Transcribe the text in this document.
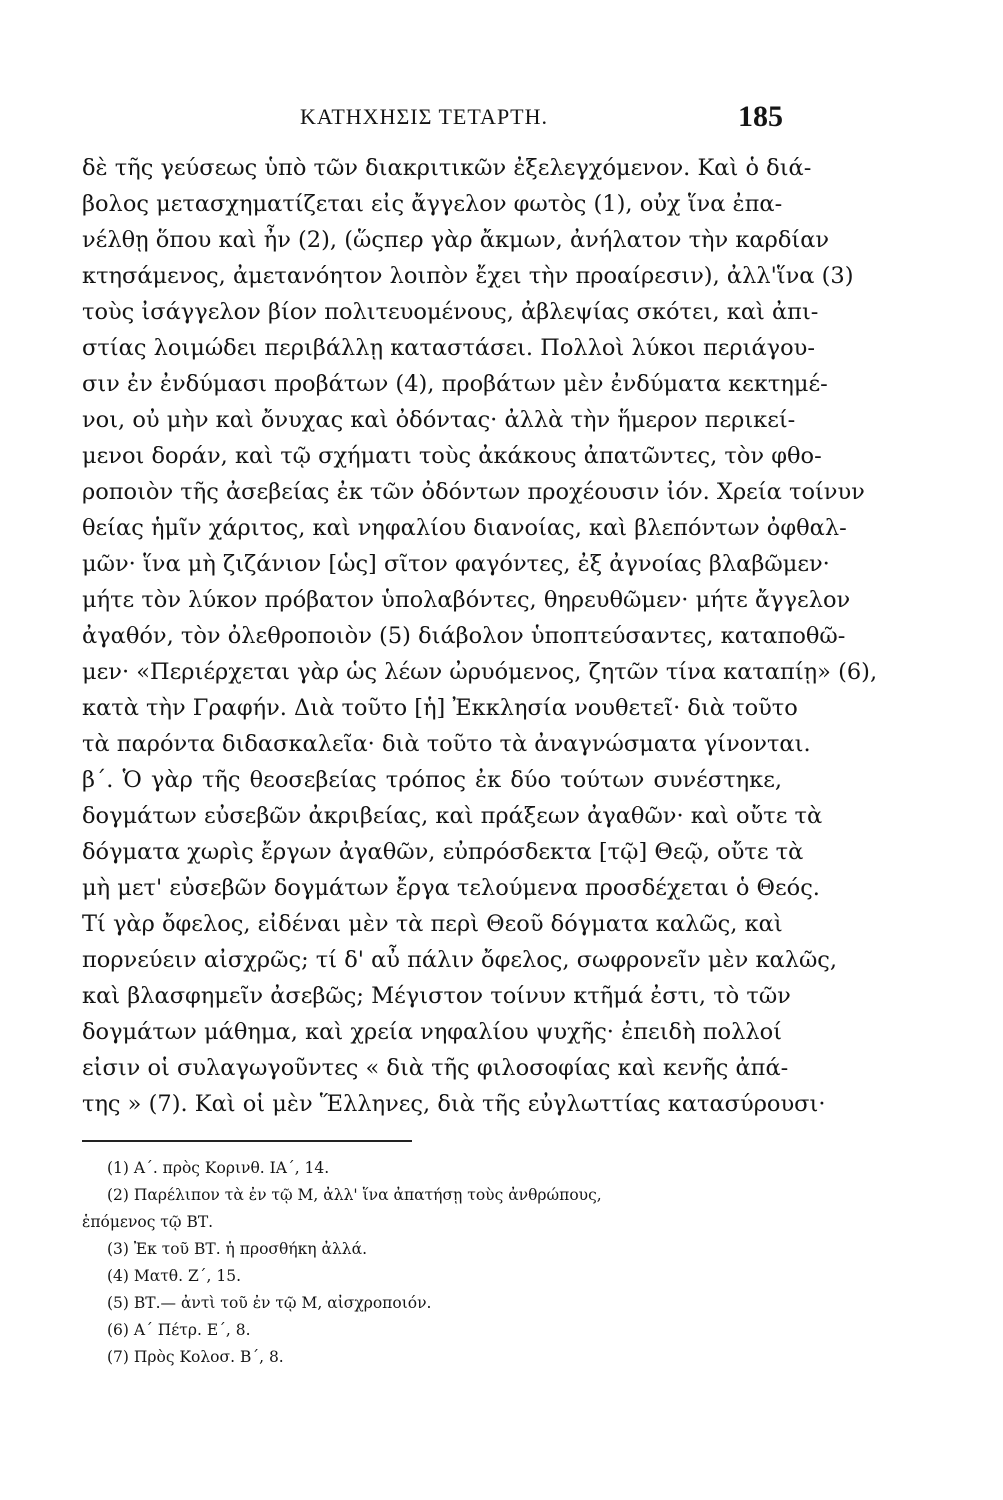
ΚΑΤΗΧΗΣΙΣ ΤΕΤΑΡΤΗ.	185
δὲ τῆς γεύσεως ὑπὸ τῶν διακριτικῶν ἐξελεγχόμενον. Καὶ ὁ διά-
βολος μετασχηματίζεται εἰς ἄγγελον φωτὸς (1), οὐχ ἵνα ἐπα-
νέλθῃ ὅπου καὶ ἦν (2), (ὥςπερ γὰρ ἄκμων, ἀνήλατον τὴν καρδίαν
κτησάμενος, ἀμετανόητον λοιπὸν ἔχει τὴν προαίρεσιν), ἀλλ'ἵνα (3)
τοὺς ἰσάγγελον βίον πολιτευομένους, ἀβλεψίας σκότει, καὶ ἀπι-
στίας λοιμώδει περιβάλλῃ καταστάσει. Πολλοὶ λύκοι περιάγου-
σιν ἐν ἐνδύμασι προβάτων (4), προβάτων μὲν ἐνδύματα κεκτημέ-
νοι, οὐ μὴν καὶ ὄνυχας καὶ ὀδόντας· ἀλλὰ τὴν ἥμερον περικεί-
μενοι δοράν, καὶ τῷ σχήματι τοὺς ἀκάκους ἀπατῶντες, τὸν φθο-
ροποιὸν τῆς ἀσεβείας ἐκ τῶν ὀδόντων προχέουσιν ἰόν. Χρεία τοίνυν
θείας ἡμῖν χάριτος, καὶ νηφαλίου διανοίας, καὶ βλεπόντων ὀφθαλ-
μῶν· ἵνα μὴ ζιζάνιον [ὡς] σῖτον φαγόντες, ἐξ ἀγνοίας βλαβῶμεν·
μήτε τὸν λύκον πρόβατον ὑπολαβόντες, θηρευθῶμεν· μήτε ἄγγελον
ἀγαθόν, τὸν ὀλεθροποιὸν (5) διάβολον ὑποπτεύσαντες, καταποθῶ-
μεν· «Περιέρχεται γὰρ ὡς λέων ὠρυόμενος, ζητῶν τίνα καταπίῃ» (6),
κατὰ τὴν Γραφήν. Διὰ τοῦτο [ἡ] Ἐκκλησία νουθετεῖ· διὰ τοῦτο
τὰ παρόντα διδασκαλεῖα· διὰ τοῦτο τὰ ἀναγνώσματα γίνονται.
β΄. Ὁ γὰρ τῆς θεοσεβείας τρόπος ἐκ δύο τούτων συνέστηκε,
δογμάτων εὐσεβῶν ἀκριβείας, καὶ πράξεων ἀγαθῶν· καὶ οὔτε τὰ
δόγματα χωρὶς ἔργων ἀγαθῶν, εὐπρόσδεκτα [τῷ] Θεῷ, οὔτε τὰ
μὴ μετ' εὐσεβῶν δογμάτων ἔργα τελούμενα προσδέχεται ὁ Θεός.
Τί γὰρ ὄφελος, εἰδέναι μὲν τὰ περὶ Θεοῦ δόγματα καλῶς, καὶ
πορνεύειν αἰσχρῶς; τί δ' αὖ πάλιν ὄφελος, σωφρονεῖν μὲν καλῶς,
καὶ βλασφημεῖν ἀσεβῶς; Μέγιστον τοίνυν κτῆμά ἐστι, τὸ τῶν
δογμάτων μάθημα, καὶ χρεία νηφαλίου ψυχῆς· ἐπειδὴ πολλοί
εἰσιν οἱ συλαγωγοῦντες « διὰ τῆς φιλοσοφίας καὶ κενῆς ἀπά-
της » (7). Καὶ οἱ μὲν Ἕλληνες, διὰ τῆς εὐγλωττίας κατασύρουσι·
(1) Α΄. πρὸς Κορινθ. ΙΑ΄, 14.
(2) Παρέλιπον τὰ ἐν τῷ Μ, ἀλλ' ἵνα ἀπατήσῃ τοὺς ἀνθρώπους,
ἑπόμενος τῷ ΒΤ.
(3) Ἐκ τοῦ ΒΤ. ἡ προσθήκη ἀλλά.
(4) Ματθ. Ζ΄, 15.
(5) ΒΤ.— ἀντὶ τοῦ ἐν τῷ Μ, αἰσχροποιόν.
(6) Α΄ Πέτρ. Ε΄, 8.
(7) Πρὸς Κολοσ. Β΄, 8.
